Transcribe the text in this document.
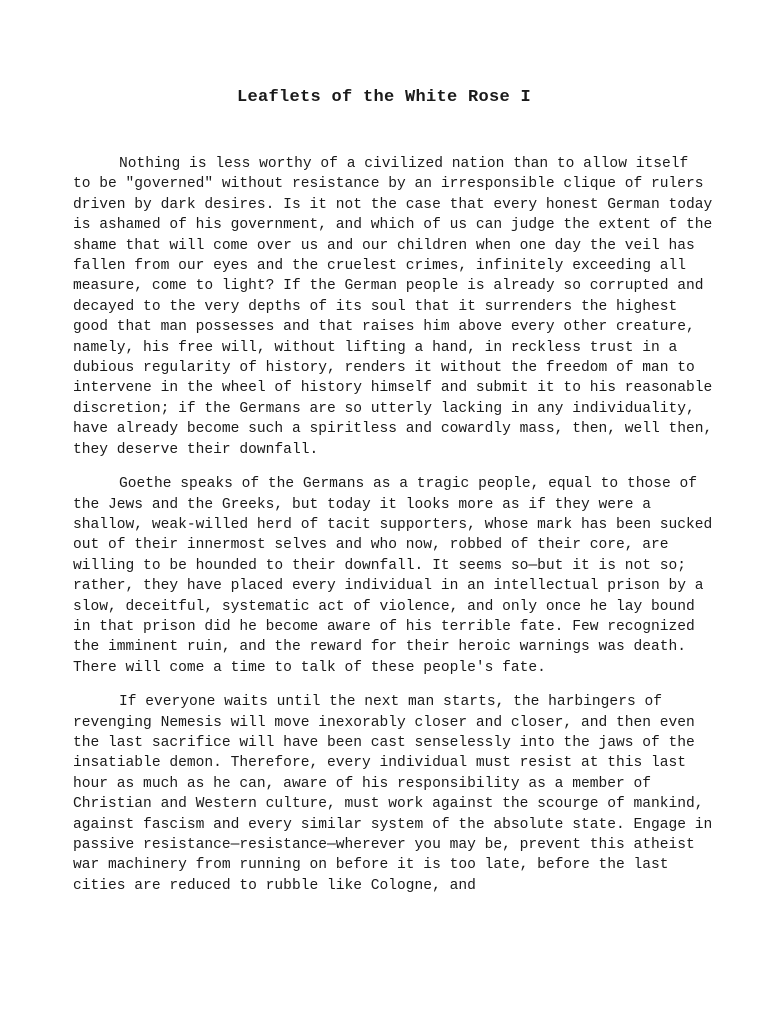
Leaflets of the White Rose I

Nothing is less worthy of a civilized nation than to allow itself to be "governed" without resistance by an irresponsible clique of rulers driven by dark desires. Is it not the case that every honest German today is ashamed of his government, and which of us can judge the extent of the shame that will come over us and our children when one day the veil has fallen from our eyes and the cruelest crimes, infinitely exceeding all measure, come to light? If the German people is already so corrupted and decayed to the very depths of its soul that it surrenders the highest good that man possesses and that raises him above every other creature, namely, his free will, without lifting a hand, in reckless trust in a dubious regularity of history, renders it without the freedom of man to intervene in the wheel of history himself and submit it to his reasonable discretion; if the Germans are so utterly lacking in any individuality, have already become such a spiritless and cowardly mass, then, well then, they deserve their downfall.

Goethe speaks of the Germans as a tragic people, equal to those of the Jews and the Greeks, but today it looks more as if they were a shallow, weak-willed herd of tacit supporters, whose mark has been sucked out of their innermost selves and who now, robbed of their core, are willing to be hounded to their downfall. It seems so—but it is not so; rather, they have placed every individual in an intellectual prison by a slow, deceitful, systematic act of violence, and only once he lay bound in that prison did he become aware of his terrible fate. Few recognized the imminent ruin, and the reward for their heroic warnings was death. There will come a time to talk of these people's fate.

If everyone waits until the next man starts, the harbingers of revenging Nemesis will move inexorably closer and closer, and then even the last sacrifice will have been cast senselessly into the jaws of the insatiable demon. Therefore, every individual must resist at this last hour as much as he can, aware of his responsibility as a member of Christian and Western culture, must work against the scourge of mankind, against fascism and every similar system of the absolute state. Engage in passive resistance—resistance—wherever you may be, prevent this atheist war machinery from running on before it is too late, before the last cities are reduced to rubble like Cologne, and
